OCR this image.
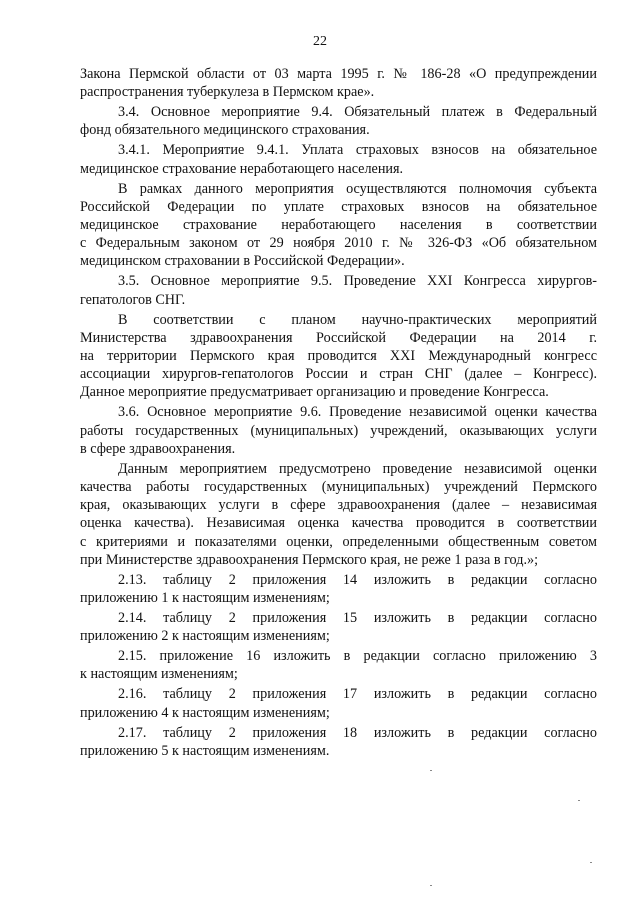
22
Закона Пермской области от 03 марта 1995 г. № 186-28 «О предупреждении
распространения туберкулеза в Пермском крае».
3.4. Основное мероприятие 9.4. Обязательный платеж в Федеральный
фонд обязательного медицинского страхования.
3.4.1. Мероприятие 9.4.1. Уплата страховых взносов на обязательное
медицинское страхование неработающего населения.
В рамках данного мероприятия осуществляются полномочия субъекта
Российской Федерации по уплате страховых взносов на обязательное
медицинское страхование неработающего населения в соответствии
с Федеральным законом от 29 ноября 2010 г. № 326-ФЗ «Об обязательном
медицинском страховании в Российской Федерации».
3.5. Основное мероприятие 9.5. Проведение XXI Конгресса хирургов-
гепатологов СНГ.
В соответствии с планом научно-практических мероприятий
Министерства здравоохранения Российской Федерации на 2014 г.
на территории Пермского края проводится XXI Международный конгресс
ассоциации хирургов-гепатологов России и стран СНГ (далее – Конгресс).
Данное мероприятие предусматривает организацию и проведение Конгресса.
3.6. Основное мероприятие 9.6. Проведение независимой оценки качества
работы государственных (муниципальных) учреждений, оказывающих услуги
в сфере здравоохранения.
Данным мероприятием предусмотрено проведение независимой оценки
качества работы государственных (муниципальных) учреждений Пермского
края, оказывающих услуги в сфере здравоохранения (далее – независимая
оценка качества). Независимая оценка качества проводится в соответствии
с критериями и показателями оценки, определенными общественным советом
при Министерстве здравоохранения Пермского края, не реже 1 раза в год.»;
2.13. таблицу 2 приложения 14 изложить в редакции согласно
приложению 1 к настоящим изменениям;
2.14. таблицу 2 приложения 15 изложить в редакции согласно
приложению 2 к настоящим изменениям;
2.15. приложение 16 изложить в редакции согласно приложению 3
к настоящим изменениям;
2.16. таблицу 2 приложения 17 изложить в редакции согласно
приложению 4 к настоящим изменениям;
2.17. таблицу 2 приложения 18 изложить в редакции согласно
приложению 5 к настоящим изменениям.
